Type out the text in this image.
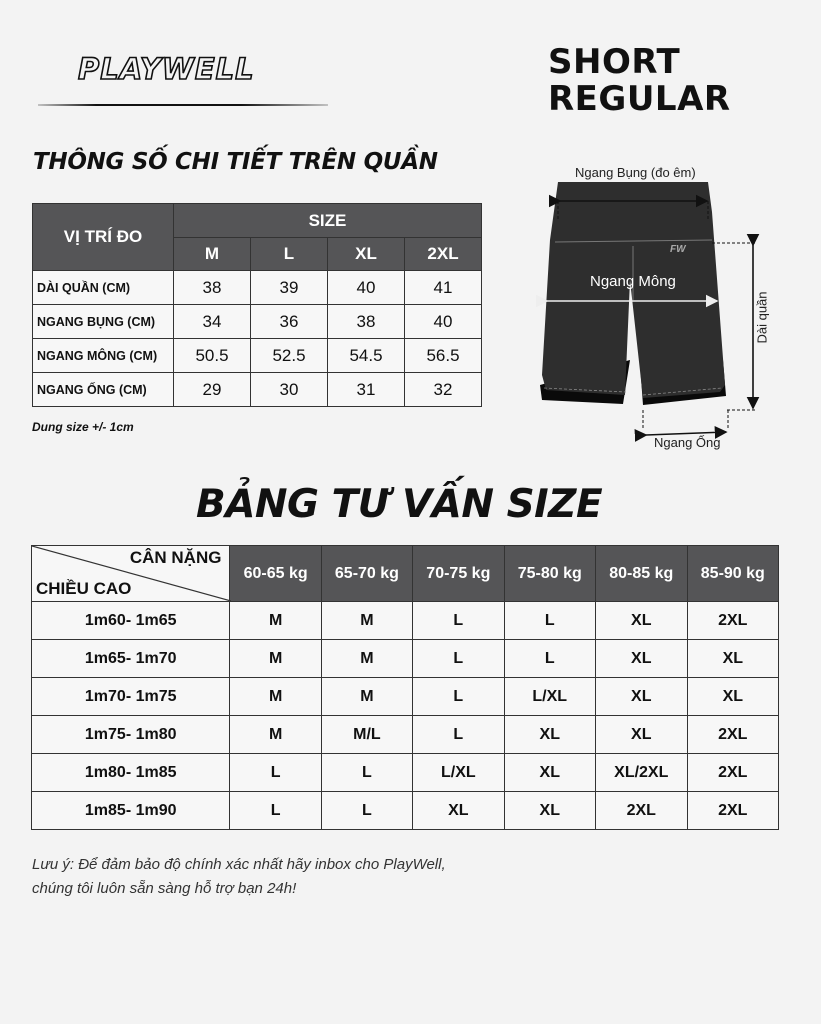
PLAYWELL	SHORT
REGULAR
THÔNG SỐ CHI TIẾT TRÊN QUẦN
VỊ TRÍ ĐO	SIZE			
	M	L	XL	2XL
DÀI QUẦN (CM)	38	39	40	41
NGANG BỤNG (CM)	34	36	38	40
NGANG MÔNG (CM)	50.5	52.5	54.5	56.5
NGANG ỐNG (CM)	29	30	31	32
Dung size +/- 1cm
Ngang Bụng (đo êm)
Ngang Mông
FW
Dài quần
Ngang Ống
BẢNG TƯ VẤN SIZE
CÂN NẶNG
CHIỀU CAO	60-65 kg	65-70 kg	70-75 kg	75-80 kg	80-85 kg	85-90 kg
1m60- 1m65	M	M	L	L	XL	2XL
1m65- 1m70	M	M	L	L	XL	XL
1m70- 1m75	M	M	L	L/XL	XL	XL
1m75- 1m80	M	M/L	L	XL	XL	2XL
1m80- 1m85	L	L	L/XL	XL	XL/2XL	2XL
1m85- 1m90	L	L	XL	XL	2XL	2XL
Lưu ý: Để đảm bảo độ chính xác nhất hãy inbox cho PlayWell,
chúng tôi luôn sẵn sàng hỗ trợ bạn 24h!
